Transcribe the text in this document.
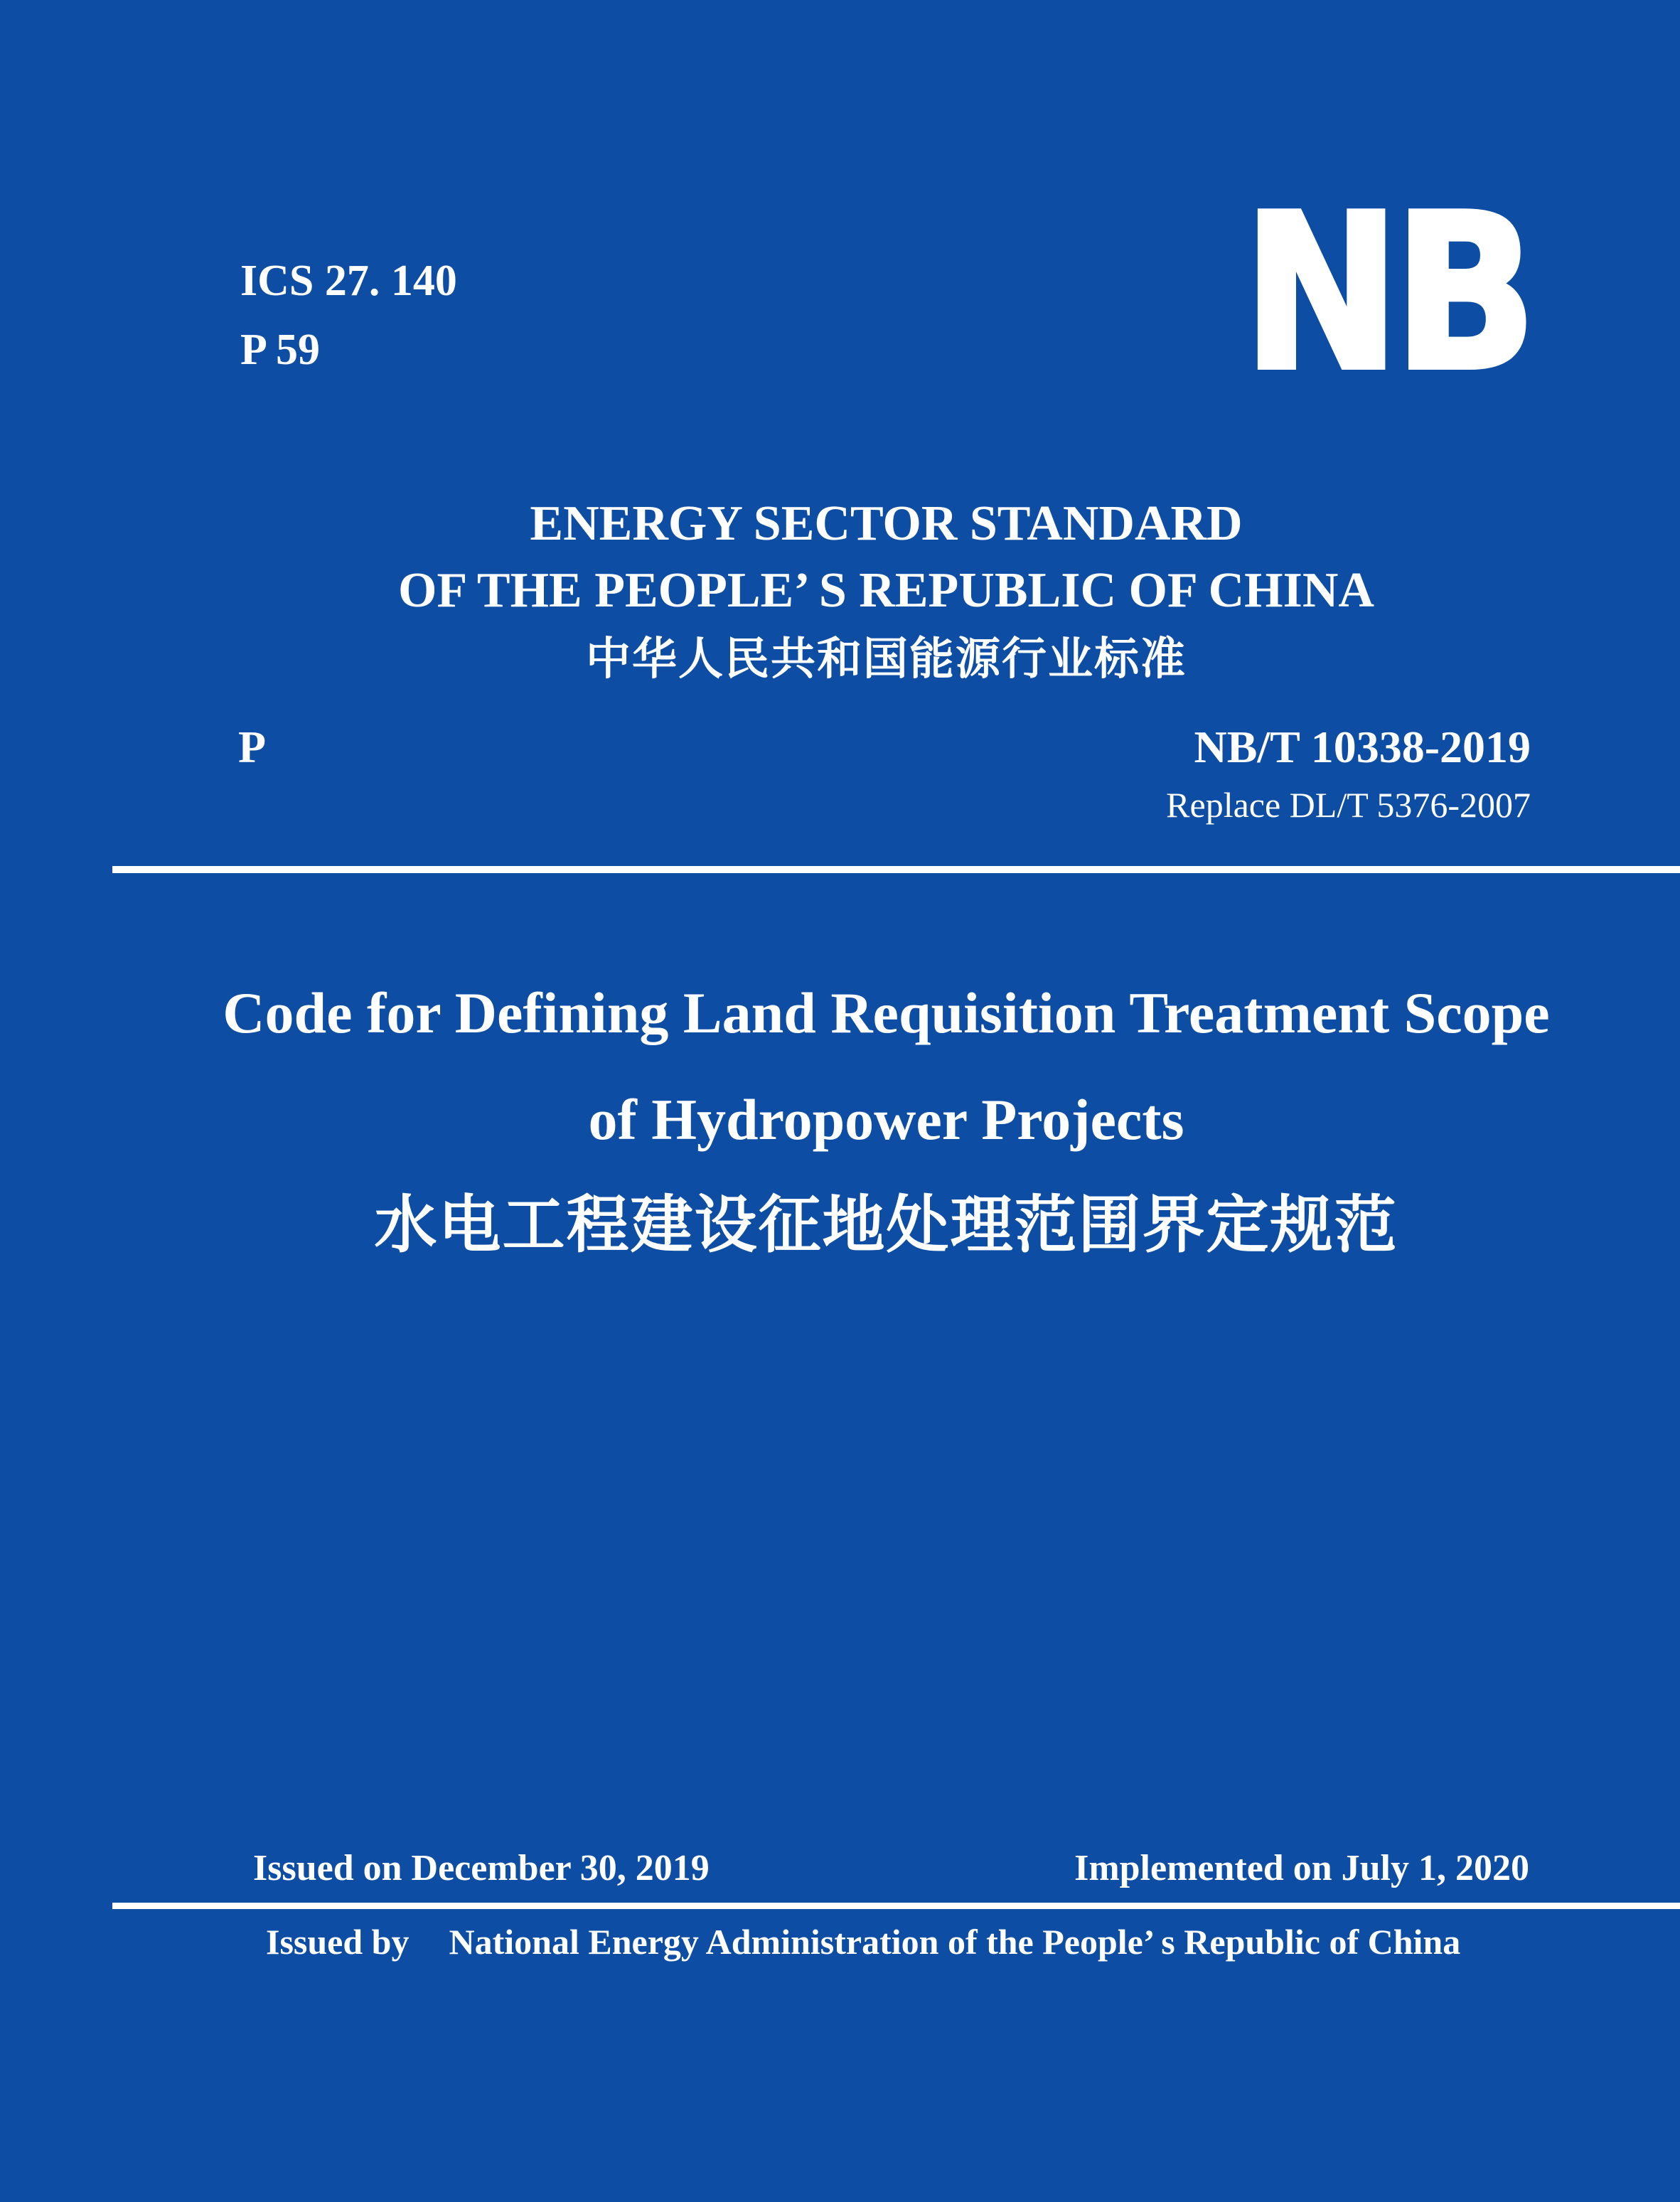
ICS 27. 140
P 59	NB
ENERGY SECTOR STANDARD
OF THE PEOPLE’ S REPUBLIC OF CHINA
中华人民共和国能源行业标准
P	NB/T 10338-2019
Replace DL/T 5376-2007
Code for Defining Land Requisition Treatment Scope
of Hydropower Projects
水电工程建设征地处理范围界定规范
Issued on December 30, 2019	Implemented on July 1, 2020
Issued by National Energy Administration of the People’ s Republic of China
